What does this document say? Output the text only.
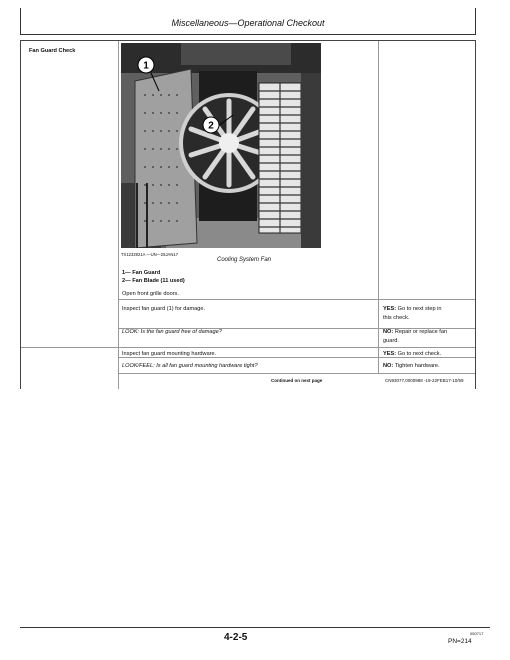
Miscellaneous—Operational Checkout
Fan Guard Check
1
2
TX1232921A —UN—25JAN17
Cooling System Fan
1— Fan Guard
2— Fan Blade (11 used)
Open front grille doors.
Inspect fan guard (1) for damage.	YES: Go to next step in
this check.
LOOK: Is the fan guard free of damage?	NO: Repair or replace fan
guard.
Inspect fan guard mounting hardware.	YES: Go to next check.
LOOK/FEEL: Is all fan guard mounting hardware tight?	NO: Tighten hardware.
Continued on next page	CN93077,0000988 -19-22FEB17-10/59
4-2-5	050717
PN=214
